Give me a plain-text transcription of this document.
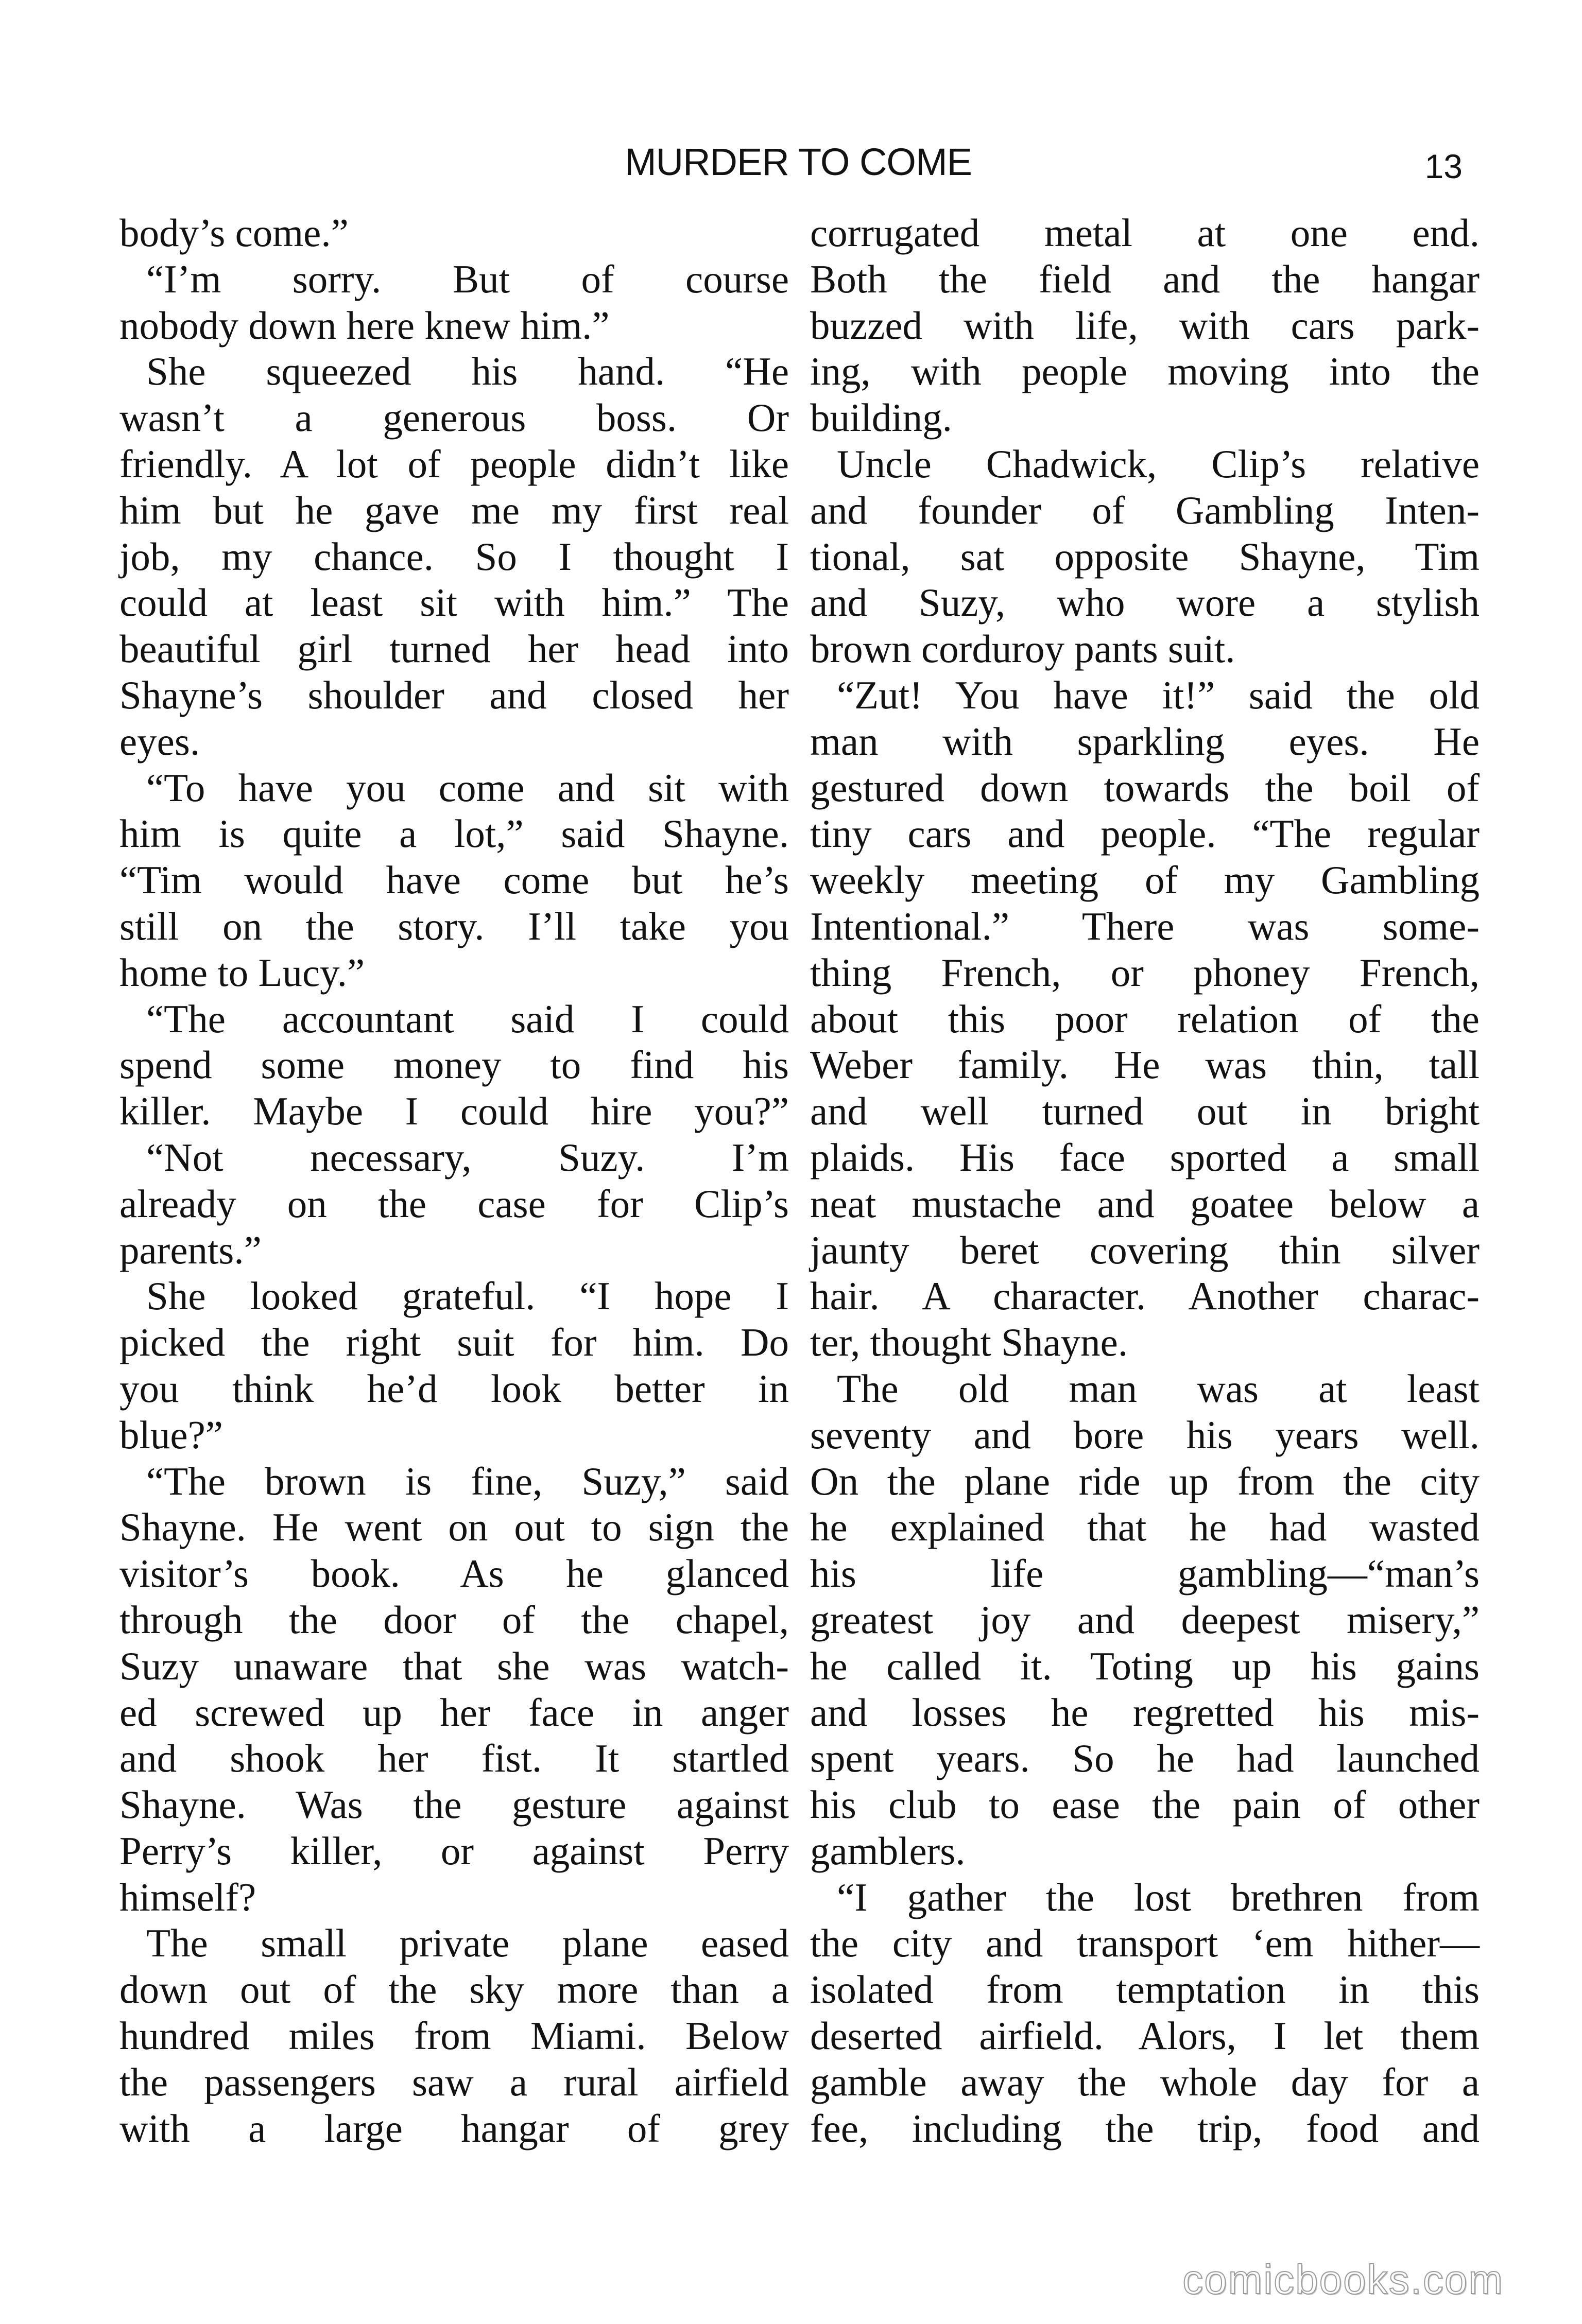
MURDER TO COME	13
body’s come.”
“I’m sorry. But of course
nobody down here knew him.”
She squeezed his hand. “He
wasn’t a generous boss. Or
friendly. A lot of people didn’t like
him but he gave me my first real
job, my chance. So I thought I
could at least sit with him.” The
beautiful girl turned her head into
Shayne’s shoulder and closed her
eyes.
“To have you come and sit with
him is quite a lot,” said Shayne.
“Tim would have come but he’s
still on the story. I’ll take you
home to Lucy.”
“The accountant said I could
spend some money to find his
killer. Maybe I could hire you?”
“Not necessary, Suzy. I’m
already on the case for Clip’s
parents.”
She looked grateful. “I hope I
picked the right suit for him. Do
you think he’d look better in
blue?”
“The brown is fine, Suzy,” said
Shayne. He went on out to sign the
visitor’s book. As he glanced
through the door of the chapel,
Suzy unaware that she was watch-
ed screwed up her face in anger
and shook her fist. It startled
Shayne. Was the gesture against
Perry’s killer, or against Perry
himself?
The small private plane eased
down out of the sky more than a
hundred miles from Miami. Below
the passengers saw a rural airfield
with a large hangar of grey
corrugated metal at one end.
Both the field and the hangar
buzzed with life, with cars park-
ing, with people moving into the
building.
Uncle Chadwick, Clip’s relative
and founder of Gambling Inten-
tional, sat opposite Shayne, Tim
and Suzy, who wore a stylish
brown corduroy pants suit.
“Zut! You have it!” said the old
man with sparkling eyes. He
gestured down towards the boil of
tiny cars and people. “The regular
weekly meeting of my Gambling
Intentional.” There was some-
thing French, or phoney French,
about this poor relation of the
Weber family. He was thin, tall
and well turned out in bright
plaids. His face sported a small
neat mustache and goatee below a
jaunty beret covering thin silver
hair. A character. Another charac-
ter, thought Shayne.
The old man was at least
seventy and bore his years well.
On the plane ride up from the city
he explained that he had wasted
his life gambling—“man’s
greatest joy and deepest misery,”
he called it. Toting up his gains
and losses he regretted his mis-
spent years. So he had launched
his club to ease the pain of other
gamblers.
“I gather the lost brethren from
the city and transport ‘em hither—
isolated from temptation in this
deserted airfield. Alors, I let them
gamble away the whole day for a
fee, including the trip, food and
comicbooks.com
